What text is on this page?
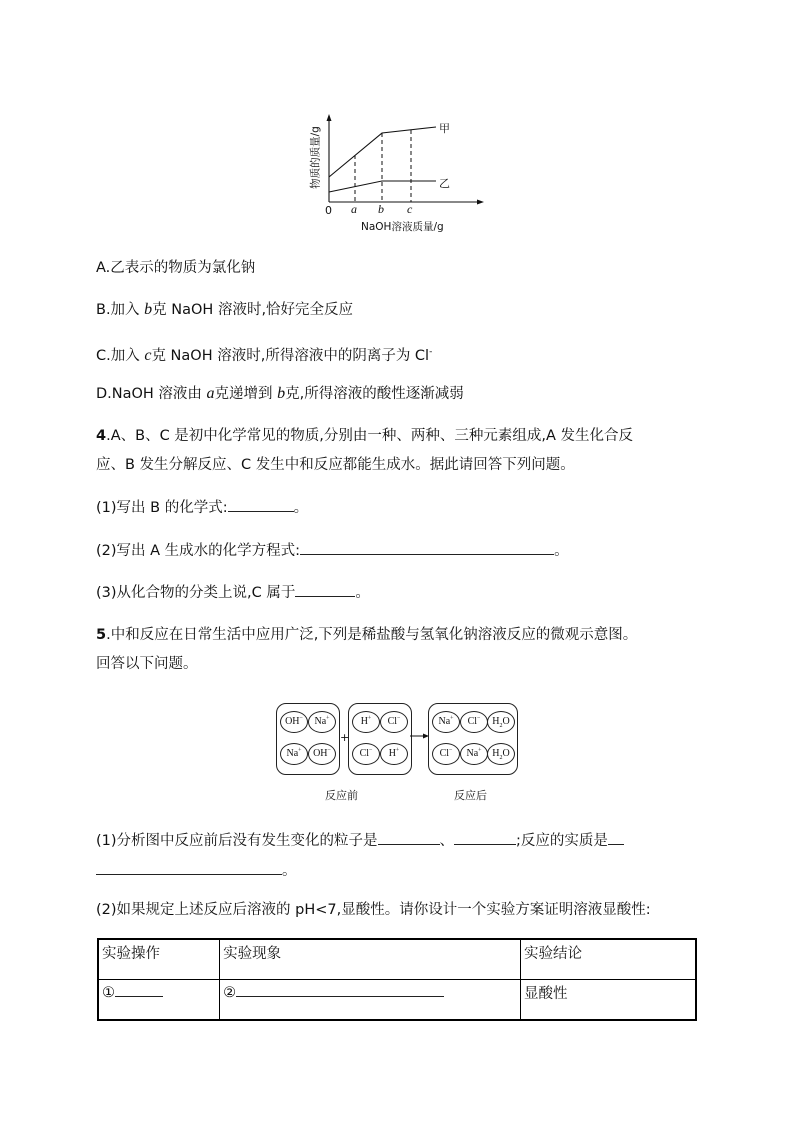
物质的质量/g
0 a b c
NaOH溶液质量/g
甲
乙
A.乙表示的物质为氯化钠
B.加入 b克 NaOH 溶液时,恰好完全反应
C.加入 c克 NaOH 溶液时,所得溶液中的阴离子为 Cl-
D.NaOH 溶液由 a克递增到 b克,所得溶液的酸性逐渐减弱
4.A、B、C 是初中化学常见的物质,分别由一种、两种、三种元素组成,A 发生化合反
应、B 发生分解反应、C 发生中和反应都能生成水。据此请回答下列问题。
(1)写出 B 的化学式:	。
(2)写出 A 生成水的化学方程式:	。
(3)从化合物的分类上说,C 属于	。
5.中和反应在日常生活中应用广泛,下列是稀盐酸与氢氧化钠溶液反应的微观示意图。
回答以下问题。
OH−	Na+
Na+	OH−
+
H+	Cl−
Cl−	H+
Na+	Cl−	$H_2O$
Cl−	Na+	$H_2O$
反应前	反应后
(1)分析图中反应前后没有发生变化的粒子是	、	;反应的实质是
。
(2)如果规定上述反应后溶液的 pH<7,显酸性。请你设计一个实验方案证明溶液显酸性:
实验操作	实验现象	实验结论
①	②	显酸性
